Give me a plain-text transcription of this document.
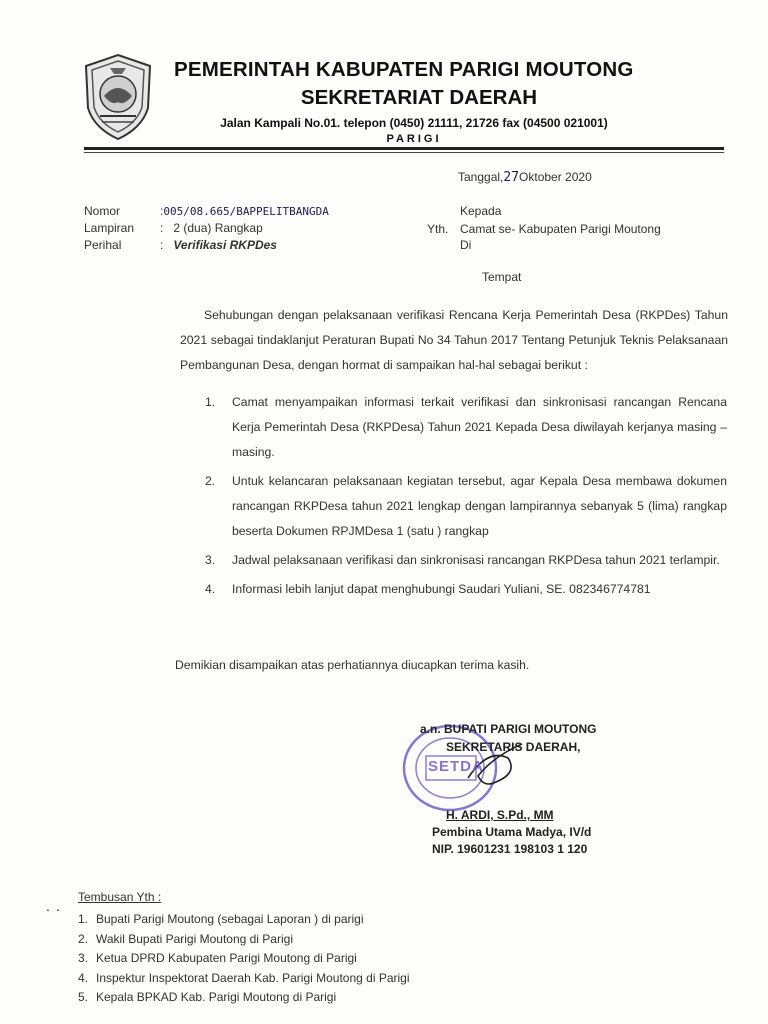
PEMERINTAH KABUPATEN PARIGI MOUTONG
SEKRETARIAT DAERAH
Jalan Kampali No.01. telepon (0450) 21111, 21726 fax (04500 021001)
PARIGI
Tanggal,27Oktober 2020
Nomor	:005/08.665/BAPPELITBANGDA
Lampiran : 2 (dua) Rangkap
Perihal	: Verifikasi RKPDes
Kepada
Yth. Camat se- Kabupaten Parigi Moutong
Di
Tempat

Sehubungan dengan pelaksanaan verifikasi Rencana Kerja Pemerintah Desa (RKPDes) Tahun 2021 sebagai tindaklanjut Peraturan Bupati No 34 Tahun 2017 Tentang Petunjuk Teknis Pelaksanaan Pembangunan Desa, dengan hormat di sampaikan hal-hal sebagai berikut :

1.	Camat menyampaikan informasi terkait verifikasi dan sinkronisasi rancangan Rencana Kerja Pemerintah Desa (RKPDesa) Tahun 2021 Kepada Desa diwilayah kerjanya masing –masing.
2.	Untuk kelancaran pelaksanaan kegiatan tersebut, agar Kepala Desa membawa dokumen rancangan RKPDesa tahun 2021 lengkap dengan lampirannya sebanyak 5 (lima) rangkap beserta Dokumen RPJMDesa 1 (satu ) rangkap
3.	Jadwal pelaksanaan verifikasi dan sinkronisasi rancangan RKPDesa tahun 2021 terlampir.
4.	Informasi lebih lanjut dapat menghubungi Saudari Yuliani, SE. 082346774781
Demikian disampaikan atas perhatiannya diucapkan terima kasih.
SETDA
a.n. BUPATI PARIGI MOUTONG
SEKRETARIS DAERAH,
H. ARDI, S.Pd., MM
Pembina Utama Madya, IV/d
NIP. 19601231 198103 1 120
..
Tembusan Yth :
1. Bupati Parigi Moutong (sebagai Laporan ) di parigi
2. Wakil Bupati Parigi Moutong di Parigi
3. Ketua DPRD Kabupaten Parigi Moutong di Parigi
4. Inspektur Inspektorat Daerah Kab. Parigi Moutong di Parigi
5. Kepala BPKAD Kab. Parigi Moutong di Parigi
